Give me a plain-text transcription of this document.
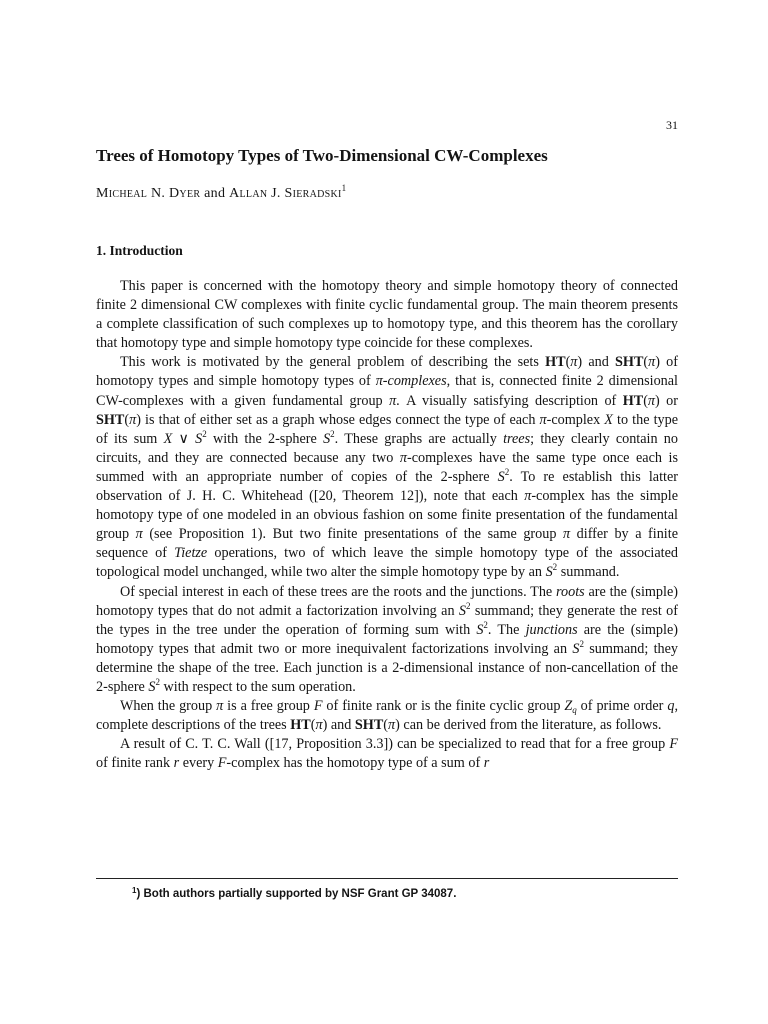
31
Trees of Homotopy Types of Two-Dimensional CW-Complexes
Micheal N. Dyer and Allan J. Sieradski$^1$
1. Introduction

This paper is concerned with the homotopy theory and simple homotopy theory of connected finite 2 dimensional CW complexes with finite cyclic fundamental group. The main theorem presents a complete classification of such complexes up to homotopy type, and this theorem has the corollary that homotopy type and simple homotopy type coincide for these complexes.

This work is motivated by the general problem of describing the sets HT(π) and SHT(π) of homotopy types and simple homotopy types of π-complexes, that is, connected finite 2 dimensional CW-complexes with a given fundamental group π. A visually satisfying description of HT(π) or SHT(π) is that of either set as a graph whose edges connect the type of each π-complex X to the type of its sum X ∨ $S^2$ with the 2-sphere $S^2$. These graphs are actually trees; they clearly contain no circuits, and they are connected because any two π-complexes have the same type once each is summed with an appropriate number of copies of the 2-sphere $S^2$. To re establish this latter observation of J. H. C. Whitehead ([20, Theorem 12]), note that each π-complex has the simple homotopy type of one modeled in an obvious fashion on some finite presentation of the fundamental group π (see Proposition 1). But two finite presentations of the same group π differ by a finite sequence of Tietze operations, two of which leave the simple homotopy type of the associated topological model unchanged, while two alter the simple homotopy type by an $S^2$ summand.

Of special interest in each of these trees are the roots and the junctions. The roots are the (simple) homotopy types that do not admit a factorization involving an $S^2$ summand; they generate the rest of the types in the tree under the operation of forming sum with $S^2$. The junctions are the (simple) homotopy types that admit two or more inequivalent factorizations involving an $S^2$ summand; they determine the shape of the tree. Each junction is a 2-dimensional instance of non-cancellation of the 2-sphere $S^2$ with respect to the sum operation.

When the group π is a free group F of finite rank or is the finite cyclic group $Z_q$ of prime order q, complete descriptions of the trees HT(π) and SHT(π) can be derived from the literature, as follows.

A result of C. T. C. Wall ([17, Proposition 3.3]) can be specialized to read that for a free group F of finite rank r every F-complex has the homotopy type of a sum of r

$^1$) Both authors partially supported by NSF Grant GP 34087.
